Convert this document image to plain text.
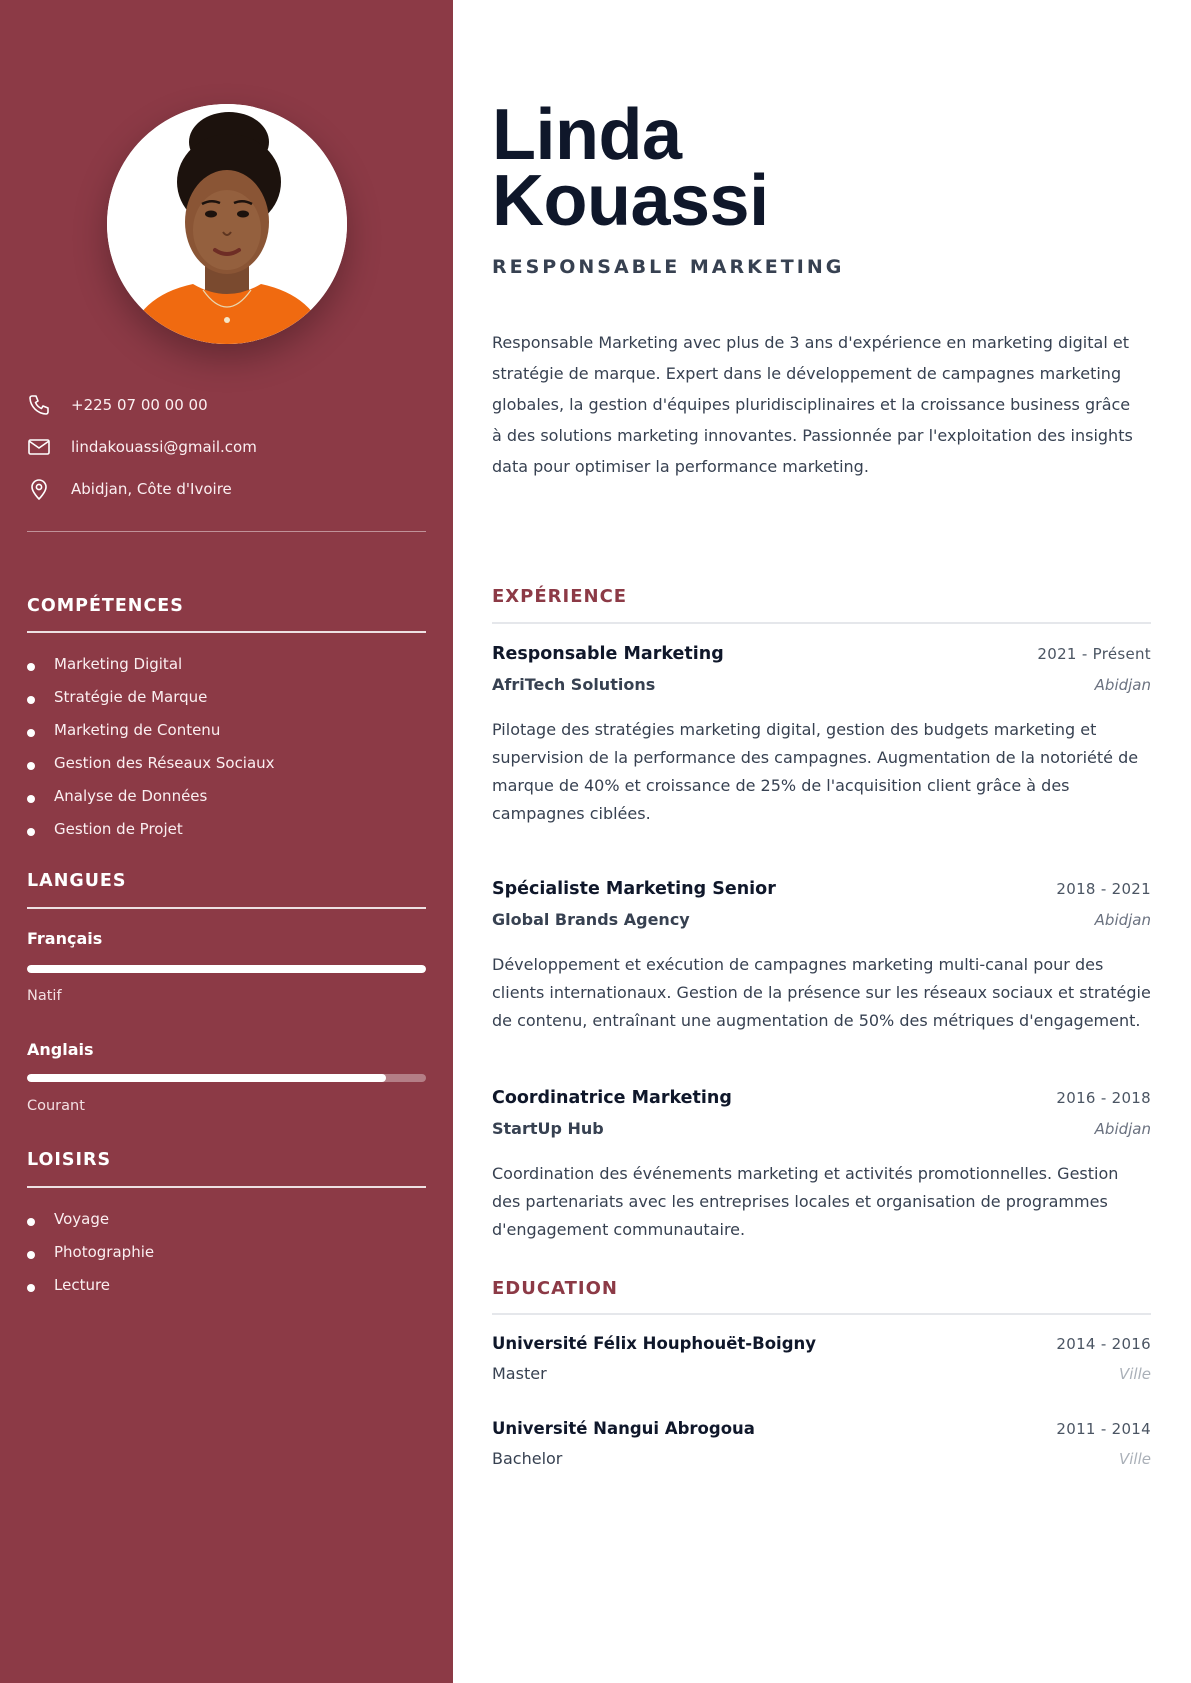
+225 07 00 00 00
lindakouassi@gmail.com
Abidjan, Côte d'Ivoire
COMPÉTENCES
Marketing Digital
Stratégie de Marque
Marketing de Contenu
Gestion des Réseaux Sociaux
Analyse de Données
Gestion de Projet
LANGUES
Français
Natif
Anglais
Courant
LOISIRS
Voyage
Photographie
Lecture
Linda
Kouassi
RESPONSABLE MARKETING

Responsable Marketing avec plus de 3 ans d'expérience en marketing digital et stratégie de marque. Expert dans le développement de campagnes marketing globales, la gestion d'équipes pluridisciplinaires et la croissance business grâce à des solutions marketing innovantes. Passionnée par l'exploitation des insights data pour optimiser la performance marketing.

EXPÉRIENCE
Responsable Marketing	2021 - Présent
AfriTech Solutions	Abidjan
Pilotage des stratégies marketing digital, gestion des budgets marketing et supervision de la performance des campagnes. Augmentation de la notoriété de marque de 40% et croissance de 25% de l'acquisition client grâce à des campagnes ciblées.
Spécialiste Marketing Senior	2018 - 2021
Global Brands Agency	Abidjan
Développement et exécution de campagnes marketing multi-canal pour des clients internationaux. Gestion de la présence sur les réseaux sociaux et stratégie de contenu, entraînant une augmentation de 50% des métriques d'engagement.
Coordinatrice Marketing	2016 - 2018
StartUp Hub	Abidjan
Coordination des événements marketing et activités promotionnelles. Gestion des partenariats avec les entreprises locales et organisation de programmes d'engagement communautaire.
EDUCATION
Université Félix Houphouët-Boigny	2014 - 2016
Master	Ville
Université Nangui Abrogoua	2011 - 2014
Bachelor	Ville
